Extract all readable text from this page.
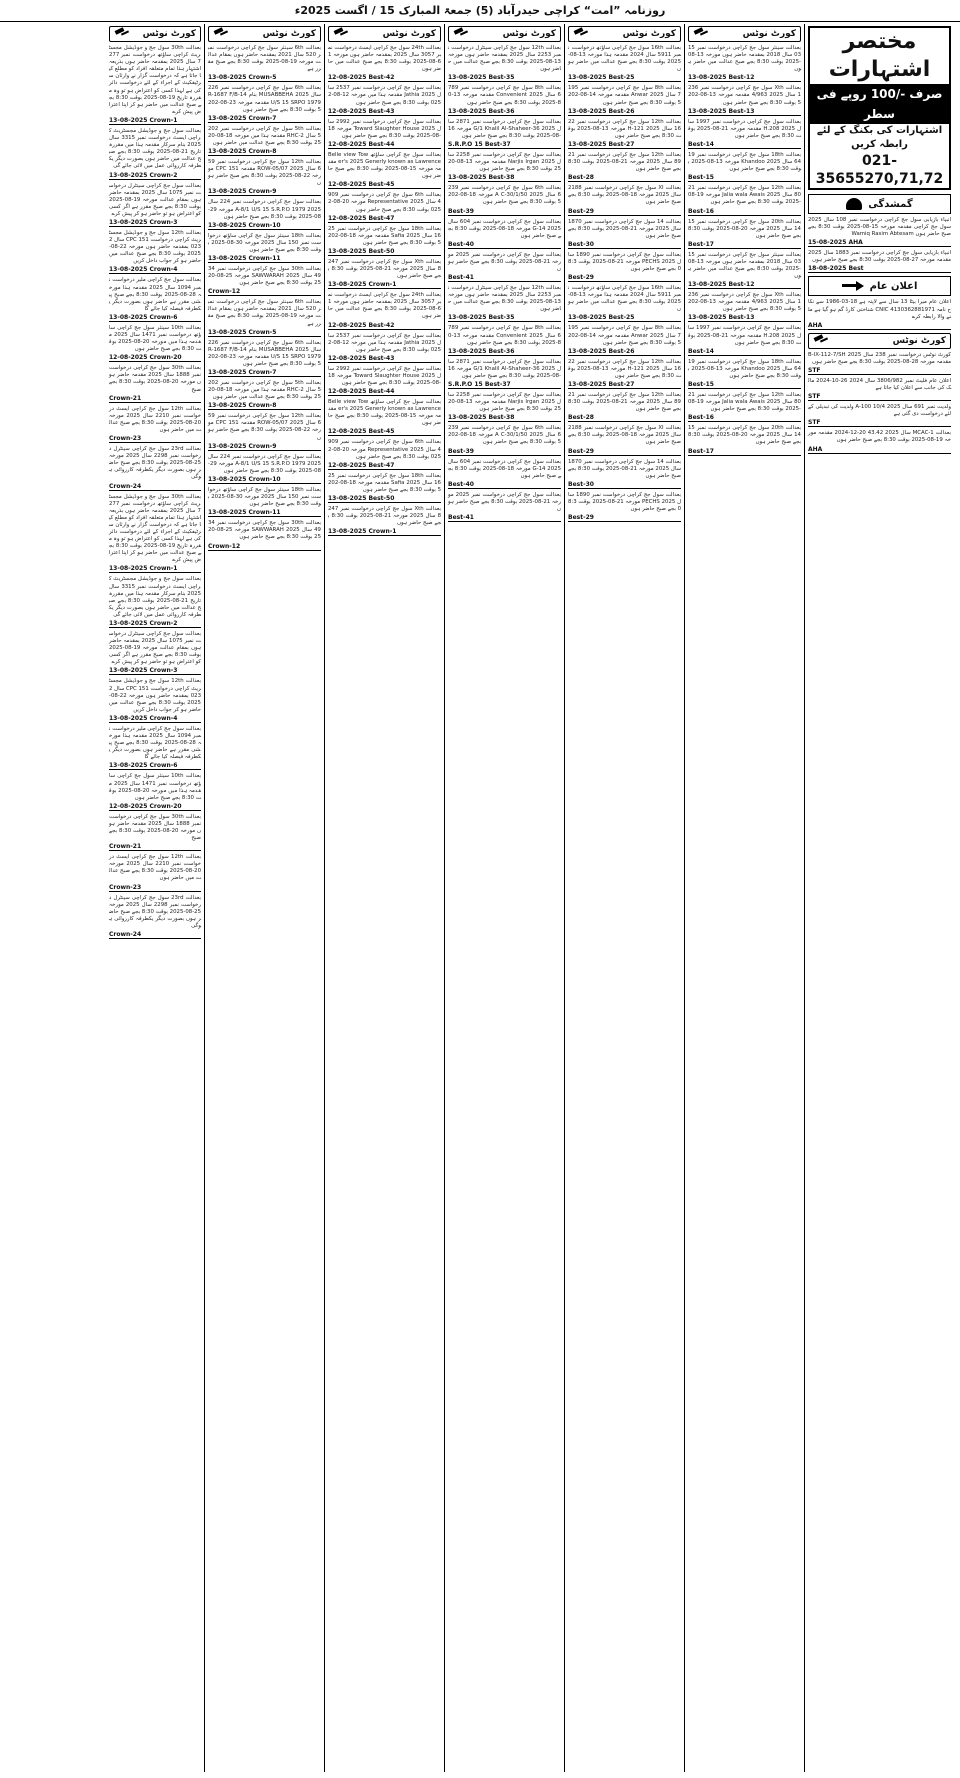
روزنامہ ”امت“ کراچی حیدرآباد (5) جمعۃ المبارک 15 / اگست 2025ء
مختصر اشتہارات
صرف -/100 روپے فی سطر
اشتہارات کی بکنگ کے لئے رابطہ کریں
021-35655270,71,72
گمشدگی
انبیاء بازیابی سول جج کراچی درخواست نمبر 108 سال 2025 سول جج کراچی مقدمہ مورخہ 15-08-2025 بوقت 8:30 بجے صبح حاضر ہوں Wamiq Rasim Abtesam
15-08-2025 AHA
انبیاء بازیابی سول جج کراچی درخواست نمبر 1883 سال 2025 مقدمہ مورخہ 27-08-2025 بوقت 8:30 بجے صبح حاضر ہوں
18-08-2025 Best
اعلان عام
اعلان عام میرا بیٹا 13 سال سے لاپتہ ہے 18-03-1986 سے نکاح نامہ CNIC 4130362881971 شناختی کارڈ گم ہو گیا ہے ملنے والا رابطہ کرے
AHA
کورٹ نوٹس
کورٹ نوٹس درخواست نمبر 238 سال 2025 B-IX-112-7/SH مقدمہ مورخہ 28-08-2025 بوقت 8:30 بجے صبح حاضر ہوں
STF
اعلان عام فلیٹ نمبر 3806/982 سال 2024 26-10-2024 مالک کی جانب سے اعلان کیا جاتا ہے
STF
ولدیت نمبر 691 سال 2025 A-100 10/4 ولدیت کی تبدیلی کے لئے درخواست دی گئی ہے
STF
بعدالت MCAC-1 سال 2025 43.42 20-12-2024 مقدمہ مورخہ 19-08-2025 بوقت 8:30 بجے صبح حاضر ہوں
AHA
کورٹ نوٹس
بعدالت سینئر سول جج کراچی درخواست نمبر 1503 سال 2018 بمقدمہ حاضر ہوں مورخہ 13-08-2025 بوقت 8:30 بجے صبح عدالت میں حاضر ہوں
13-08-2025 Best-12
بعدالت Xth سول جج کراچی درخواست نمبر 2361 سال 2025 4/963 مقدمہ مورخہ 13-08-2025 بوقت 8:30 بجے صبح حاضر ہوں
13-08-2025 Best-13
بعدالت سول جج کراچی درخواست نمبر 1997 سال 2025 H.208 مقدمہ مورخہ 21-08-2025 بوقت 8:30 بجے صبح حاضر ہوں
Best-14
بعدالت 18th سول جج کراچی درخواست نمبر 1964 سال 2025 Khandoo مورخہ 13-08-2025 بوقت 8:30 بجے صبح حاضر ہوں
Best-15
بعدالت 12th سول جج کراچی درخواست نمبر 2180 سال 2025 Jalia wala Awais مورخہ 19-08-2025 بوقت 8:30 بجے صبح حاضر ہوں
Best-16
بعدالت 20th سول جج کراچی درخواست نمبر 1514 سال 2025 مورخہ 20-08-2025 بوقت 8:30 بجے صبح حاضر ہوں
Best-17
بعدالت سینئر سول جج کراچی درخواست نمبر 1503 سال 2018 بمقدمہ حاضر ہوں مورخہ 13-08-2025 بوقت 8:30 بجے صبح عدالت میں حاضر ہوں
13-08-2025 Best-12
بعدالت Xth سول جج کراچی درخواست نمبر 2361 سال 2025 4/963 مقدمہ مورخہ 13-08-2025 بوقت 8:30 بجے صبح حاضر ہوں
13-08-2025 Best-13
بعدالت سول جج کراچی درخواست نمبر 1997 سال 2025 H.208 مقدمہ مورخہ 21-08-2025 بوقت 8:30 بجے صبح حاضر ہوں
Best-14
بعدالت 18th سول جج کراچی درخواست نمبر 1964 سال 2025 Khandoo مورخہ 13-08-2025 بوقت 8:30 بجے صبح حاضر ہوں
Best-15
بعدالت 12th سول جج کراچی درخواست نمبر 2180 سال 2025 Jalia wala Awais مورخہ 19-08-2025 بوقت 8:30 بجے صبح حاضر ہوں
Best-16
بعدالت 20th سول جج کراچی درخواست نمبر 1514 سال 2025 مورخہ 20-08-2025 بوقت 8:30 بجے صبح حاضر ہوں
Best-17
کورٹ نوٹس
بعدالت 16th سول جج کراچی ساؤتھ درخواست نمبر 5911 سال 2024 مقدمہ ہذا مورخہ 13-08-2025 بوقت 8:30 بجے صبح عدالت میں حاضر ہوں
13-08-2025 Best-25
بعدالت 8th سول جج کراچی درخواست نمبر 1957 سال 2025 Anwar مقدمہ مورخہ 14-08-2025 بوقت 8:30 بجے صبح حاضر ہوں
13-08-2025 Best-26
بعدالت 12th سول جج کراچی درخواست نمبر 2216 سال 2025 H-121 مورخہ 13-08-2025 بوقت 8:30 بجے صبح حاضر ہوں
13-08-2025 Best-27
بعدالت 12th سول جج کراچی درخواست نمبر 2189 سال 2025 مورخہ 21-08-2025 بوقت 8:30 بجے صبح حاضر ہوں
Best-28
بعدالت XI سول جج کراچی درخواست نمبر 2188 سال 2025 مورخہ 18-08-2025 بوقت 8:30 بجے صبح حاضر ہوں
Best-29
بعدالت 14 سول جج کراچی درخواست نمبر 1870 سال 2025 مورخہ 21-08-2025 بوقت 8:30 بجے صبح حاضر ہوں
Best-30
بعدالت سول جج کراچی درخواست نمبر 1890 سال 2025 PECHS مورخہ 21-08-2025 بوقت 8:30 بجے صبح حاضر ہوں
Best-29
بعدالت 16th سول جج کراچی ساؤتھ درخواست نمبر 5911 سال 2024 مقدمہ ہذا مورخہ 13-08-2025 بوقت 8:30 بجے صبح عدالت میں حاضر ہوں
13-08-2025 Best-25
بعدالت 8th سول جج کراچی درخواست نمبر 1957 سال 2025 Anwar مقدمہ مورخہ 14-08-2025 بوقت 8:30 بجے صبح حاضر ہوں
13-08-2025 Best-26
بعدالت 12th سول جج کراچی درخواست نمبر 2216 سال 2025 H-121 مورخہ 13-08-2025 بوقت 8:30 بجے صبح حاضر ہوں
13-08-2025 Best-27
بعدالت 12th سول جج کراچی درخواست نمبر 2189 سال 2025 مورخہ 21-08-2025 بوقت 8:30 بجے صبح حاضر ہوں
Best-28
بعدالت XI سول جج کراچی درخواست نمبر 2188 سال 2025 مورخہ 18-08-2025 بوقت 8:30 بجے صبح حاضر ہوں
Best-29
بعدالت 14 سول جج کراچی درخواست نمبر 1870 سال 2025 مورخہ 21-08-2025 بوقت 8:30 بجے صبح حاضر ہوں
Best-30
بعدالت سول جج کراچی درخواست نمبر 1890 سال 2025 PECHS مورخہ 21-08-2025 بوقت 8:30 بجے صبح حاضر ہوں
Best-29
کورٹ نوٹس
بعدالت 12th سول جج کراچی سینٹرل درخواست نمبر 2253 سال 2025 بمقدمہ حاضر ہوں مورخہ 13-08-2025 بوقت 8:30 بجے صبح عدالت میں حاضر ہوں
13-08-2025 Best-35
بعدالت 8th سول جج کراچی درخواست نمبر 7896 سال 2025 Convenient مقدمہ مورخہ 13-08-2025 بوقت 8:30 بجے صبح حاضر ہوں
13-08-2025 Best-36
بعدالت سول جج کراچی درخواست نمبر 2871 سال 2025 36-G/1 Khalil Al-Shaheer مورخہ 16-08-2025 بوقت 8:30 بجے صبح حاضر ہوں
S.R.P.O 15 Best-37
بعدالت سول جج کراچی درخواست نمبر 2258 سال 2025 Narjis Irgan مقدمہ مورخہ 13-08-2025 بوقت 8:30 بجے صبح حاضر ہوں
13-08-2025 Best-38
بعدالت 6th سول جج کراچی درخواست نمبر 2396 سال 2025 50/A C-30/1 مورخہ 18-08-2025 بوقت 8:30 بجے صبح حاضر ہوں
Best-39
بعدالت سول جج کراچی درخواست نمبر 604 سال 2025 14-G مورخہ 18-08-2025 بوقت 8:30 بجے صبح حاضر ہوں
Best-40
بعدالت سول جج کراچی درخواست نمبر 2025 مورخہ 21-08-2025 بوقت 8:30 بجے صبح حاضر ہوں
Best-41
بعدالت 12th سول جج کراچی سینٹرل درخواست نمبر 2253 سال 2025 بمقدمہ حاضر ہوں مورخہ 13-08-2025 بوقت 8:30 بجے صبح عدالت میں حاضر ہوں
13-08-2025 Best-35
بعدالت 8th سول جج کراچی درخواست نمبر 7896 سال 2025 Convenient مقدمہ مورخہ 13-08-2025 بوقت 8:30 بجے صبح حاضر ہوں
13-08-2025 Best-36
بعدالت سول جج کراچی درخواست نمبر 2871 سال 2025 36-G/1 Khalil Al-Shaheer مورخہ 16-08-2025 بوقت 8:30 بجے صبح حاضر ہوں
S.R.P.O 15 Best-37
بعدالت سول جج کراچی درخواست نمبر 2258 سال 2025 Narjis Irgan مقدمہ مورخہ 13-08-2025 بوقت 8:30 بجے صبح حاضر ہوں
13-08-2025 Best-38
بعدالت 6th سول جج کراچی درخواست نمبر 2396 سال 2025 50/A C-30/1 مورخہ 18-08-2025 بوقت 8:30 بجے صبح حاضر ہوں
Best-39
بعدالت سول جج کراچی درخواست نمبر 604 سال 2025 14-G مورخہ 18-08-2025 بوقت 8:30 بجے صبح حاضر ہوں
Best-40
بعدالت سول جج کراچی درخواست نمبر 2025 مورخہ 21-08-2025 بوقت 8:30 بجے صبح حاضر ہوں
Best-41
کورٹ نوٹس
بعدالت 24th سول جج کراچی ایسٹ درخواست نمبر 3057 سال 2025 بمقدمہ حاضر ہوں مورخہ 16-08-2025 بوقت 8:30 بجے صبح عدالت میں حاضر ہوں
12-08-2025 Best-42
بعدالت سول جج کراچی درخواست نمبر 2537 سال 2025 Jathia مقدمہ ہذا میں مورخہ 12-08-2025 بوقت 8:30 بجے صبح حاضر ہوں
12-08-2025 Best-43
بعدالت سول جج کراچی درخواست نمبر 2992 سال 2025 Toward Slaughter House مورخہ 18-08-2025 بوقت 8:30 بجے صبح حاضر ہوں
12-08-2025 Best-44
بعدالت سول جج کراچی ساؤتھ Belle view Tower's 2025 Generly known as Lawrence مقدمہ مورخہ 15-08-2025 بوقت 8:30 بجے صبح حاضر ہوں
12-08-2025 Best-45
بعدالت 6th سول جج کراچی درخواست نمبر 9094 سال 2025 Representative مورخہ 20-08-2025 بوقت 8:30 بجے صبح حاضر ہوں
12-08-2025 Best-47
بعدالت 18th سول جج کراچی درخواست نمبر 2516 سال 2025 Safia مقدمہ مورخہ 18-08-2025 بوقت 8:30 بجے صبح حاضر ہوں
13-08-2025 Best-50
بعدالت Xth سول جج کراچی درخواست نمبر 2478 سال 2025 مورخہ 21-08-2025 بوقت 8:30 بجے صبح حاضر ہوں
13-08-2025 Crown-1
بعدالت 24th سول جج کراچی ایسٹ درخواست نمبر 3057 سال 2025 بمقدمہ حاضر ہوں مورخہ 16-08-2025 بوقت 8:30 بجے صبح عدالت میں حاضر ہوں
12-08-2025 Best-42
بعدالت سول جج کراچی درخواست نمبر 2537 سال 2025 Jathia مقدمہ ہذا میں مورخہ 12-08-2025 بوقت 8:30 بجے صبح حاضر ہوں
12-08-2025 Best-43
بعدالت سول جج کراچی درخواست نمبر 2992 سال 2025 Toward Slaughter House مورخہ 18-08-2025 بوقت 8:30 بجے صبح حاضر ہوں
12-08-2025 Best-44
بعدالت سول جج کراچی ساؤتھ Belle view Tower's 2025 Generly known as Lawrence مقدمہ مورخہ 15-08-2025 بوقت 8:30 بجے صبح حاضر ہوں
12-08-2025 Best-45
بعدالت 6th سول جج کراچی درخواست نمبر 9094 سال 2025 Representative مورخہ 20-08-2025 بوقت 8:30 بجے صبح حاضر ہوں
12-08-2025 Best-47
بعدالت 18th سول جج کراچی درخواست نمبر 2516 سال 2025 Safia مقدمہ مورخہ 18-08-2025 بوقت 8:30 بجے صبح حاضر ہوں
13-08-2025 Best-50
بعدالت Xth سول جج کراچی درخواست نمبر 2478 سال 2025 مورخہ 21-08-2025 بوقت 8:30 بجے صبح حاضر ہوں
13-08-2025 Crown-1
کورٹ نوٹس
بعدالت 6th سینئر سول جج کراچی درخواست نمبر 520 سال 2021 بمقدمہ حاضر ہوں بمقام عدالت مورخہ 19-08-2025 بوقت 8:30 بجے صبح مقرر ہے
13-08-2025 Crown-5
بعدالت 6th سول جج کراچی درخواست نمبر 226 سال 2025 MUSABBEHA بنام R-1687 F/B-14 U/S 15 SRPO 1979 مقدمہ مورخہ 23-08-2025 بوقت 8:30 بجے صبح حاضر ہوں
13-08-2025 Crown-7
بعدالت 5th سول جج کراچی درخواست نمبر 2025 سال RHC-2 مقدمہ ہذا میں مورخہ 18-08-2025 بوقت 8:30 بجے صبح عدالت میں حاضر ہوں
13-08-2025 Crown-8
بعدالت 12th سول جج کراچی درخواست نمبر 596 سال 2025 ROW-05/07 مقدمہ CPC 151 مورخہ 22-08-2025 بوقت 8:30 بجے صبح حاضر ہوں
13-08-2025 Crown-9
بعدالت سول جج کراچی درخواست نمبر 224 سال 2025 A-8/1 U/S 15 S.R.P.O 1979 مورخہ 29-08-2025 بوقت 8:30 بجے صبح حاضر ہوں
13-08-2025 Crown-10
بعدالت 18th سینئر سول جج کراچی ساؤتھ درخواست نمبر 150 سال 2025 مورخہ 30-08-2025 بوقت 8:30 بجے صبح حاضر ہوں
13-08-2025 Crown-11
بعدالت 30th سول جج کراچی درخواست نمبر 3449 سال 2025 SAWWARAH مورخہ 25-08-2025 بوقت 8:30 بجے صبح حاضر ہوں
Crown-12
بعدالت 6th سینئر سول جج کراچی درخواست نمبر 520 سال 2021 بمقدمہ حاضر ہوں بمقام عدالت مورخہ 19-08-2025 بوقت 8:30 بجے صبح مقرر ہے
13-08-2025 Crown-5
بعدالت 6th سول جج کراچی درخواست نمبر 226 سال 2025 MUSABBEHA بنام R-1687 F/B-14 U/S 15 SRPO 1979 مقدمہ مورخہ 23-08-2025 بوقت 8:30 بجے صبح حاضر ہوں
13-08-2025 Crown-7
بعدالت 5th سول جج کراچی درخواست نمبر 2025 سال RHC-2 مقدمہ ہذا میں مورخہ 18-08-2025 بوقت 8:30 بجے صبح عدالت میں حاضر ہوں
13-08-2025 Crown-8
بعدالت 12th سول جج کراچی درخواست نمبر 596 سال 2025 ROW-05/07 مقدمہ CPC 151 مورخہ 22-08-2025 بوقت 8:30 بجے صبح حاضر ہوں
13-08-2025 Crown-9
بعدالت سول جج کراچی درخواست نمبر 224 سال 2025 A-8/1 U/S 15 S.R.P.O 1979 مورخہ 29-08-2025 بوقت 8:30 بجے صبح حاضر ہوں
13-08-2025 Crown-10
بعدالت 18th سینئر سول جج کراچی ساؤتھ درخواست نمبر 150 سال 2025 مورخہ 30-08-2025 بوقت 8:30 بجے صبح حاضر ہوں
13-08-2025 Crown-11
بعدالت 30th سول جج کراچی درخواست نمبر 3449 سال 2025 SAWWARAH مورخہ 25-08-2025 بوقت 8:30 بجے صبح حاضر ہوں
Crown-12
کورٹ نوٹس
بعدالت 30th سول جج و جوڈیشل مجسٹریٹ کراچی ساؤتھ درخواست نمبر 2777 سال 2025 بمقدمہ حاضر ہوں بذریعہ اشتہار ہذا تمام متعلقہ افراد کو مطلع کیا جاتا ہے کہ درخواست گزار نے وارثان سرٹیفکیٹ کے اجراء کے لئے درخواست دائر کی ہے لہذا کسی کو اعتراض ہو تو وہ مقررہ تاریخ 19-08-2025 بوقت 8:30 بجے صبح عدالت میں حاضر ہو کر اپنا اعتراض پیش کرے
13-08-2025 Crown-1
بعدالت سول جج و جوڈیشل مجسٹریٹ کراچی ایسٹ درخواست نمبر 3315 سال 2025 بنام سرکار مقدمہ ہذا میں مقررہ تاریخ 21-08-2025 بوقت 8:30 بجے صبح عدالت میں حاضر ہوں بصورت دیگر یکطرفہ کارروائی عمل میں لائی جائے گی
13-08-2025 Crown-2
بعدالت سول جج کراچی سینٹرل درخواست نمبر 1075 سال 2025 بمقدمہ حاضر ہوں بمقام عدالت مورخہ 19-08-2025 بوقت 8:30 بجے صبح مقرر ہے اگر کسی کو اعتراض ہو تو حاضر ہو کر پیش کرے
13-08-2025 Crown-3
بعدالت 12th سول جج و جوڈیشل مجسٹریٹ کراچی درخواست CPC 151 سال 2023 بمقدمہ حاضر ہوں مورخہ 22-08-2025 بوقت 8:30 بجے صبح عدالت میں حاضر ہو کر جواب داخل کریں
13-08-2025 Crown-4
بعدالت سول جج کراچی ملیر درخواست نمبر 1094 سال 2025 مقدمہ ہذا مورخہ 28-08-2025 بوقت 8:30 بجے صبح پیشی مقرر ہے حاضر ہوں بصورت دیگر یکطرفہ فیصلہ کیا جائے گا
13-08-2025 Crown-6
بعدالت 10th سینئر سول جج کراچی ساؤتھ درخواست نمبر 1471 سال 2025 مقدمہ ہذا میں مورخہ 20-08-2025 بوقت 8:30 بجے صبح حاضر ہوں
12-08-2025 Crown-20
بعدالت 30th سول جج کراچی درخواست نمبر 1888 سال 2025 مقدمہ حاضر ہوں مورخہ 20-08-2025 بوقت 8:30 بجے صبح
Crown-21
بعدالت 12th سول جج کراچی ایسٹ درخواست نمبر 2210 سال 2025 مورخہ 20-08-2025 بوقت 8:30 بجے صبح عدالت میں حاضر ہوں
Crown-23
بعدالت 23rd سول جج کراچی سینٹرل درخواست نمبر 2298 سال 2025 مورخہ 25-08-2025 بوقت 8:30 بجے صبح حاضر ہوں بصورت دیگر یکطرفہ کارروائی ہوگی
Crown-24
بعدالت 30th سول جج و جوڈیشل مجسٹریٹ کراچی ساؤتھ درخواست نمبر 2777 سال 2025 بمقدمہ حاضر ہوں بذریعہ اشتہار ہذا تمام متعلقہ افراد کو مطلع کیا جاتا ہے کہ درخواست گزار نے وارثان سرٹیفکیٹ کے اجراء کے لئے درخواست دائر کی ہے لہذا کسی کو اعتراض ہو تو وہ مقررہ تاریخ 19-08-2025 بوقت 8:30 بجے صبح عدالت میں حاضر ہو کر اپنا اعتراض پیش کرے
13-08-2025 Crown-1
بعدالت سول جج و جوڈیشل مجسٹریٹ کراچی ایسٹ درخواست نمبر 3315 سال 2025 بنام سرکار مقدمہ ہذا میں مقررہ تاریخ 21-08-2025 بوقت 8:30 بجے صبح عدالت میں حاضر ہوں بصورت دیگر یکطرفہ کارروائی عمل میں لائی جائے گی
13-08-2025 Crown-2
بعدالت سول جج کراچی سینٹرل درخواست نمبر 1075 سال 2025 بمقدمہ حاضر ہوں بمقام عدالت مورخہ 19-08-2025 بوقت 8:30 بجے صبح مقرر ہے اگر کسی کو اعتراض ہو تو حاضر ہو کر پیش کرے
13-08-2025 Crown-3
بعدالت 12th سول جج و جوڈیشل مجسٹریٹ کراچی درخواست CPC 151 سال 2023 بمقدمہ حاضر ہوں مورخہ 22-08-2025 بوقت 8:30 بجے صبح عدالت میں حاضر ہو کر جواب داخل کریں
13-08-2025 Crown-4
بعدالت سول جج کراچی ملیر درخواست نمبر 1094 سال 2025 مقدمہ ہذا مورخہ 28-08-2025 بوقت 8:30 بجے صبح پیشی مقرر ہے حاضر ہوں بصورت دیگر یکطرفہ فیصلہ کیا جائے گا
13-08-2025 Crown-6
بعدالت 10th سینئر سول جج کراچی ساؤتھ درخواست نمبر 1471 سال 2025 مقدمہ ہذا میں مورخہ 20-08-2025 بوقت 8:30 بجے صبح حاضر ہوں
12-08-2025 Crown-20
بعدالت 30th سول جج کراچی درخواست نمبر 1888 سال 2025 مقدمہ حاضر ہوں مورخہ 20-08-2025 بوقت 8:30 بجے صبح
Crown-21
بعدالت 12th سول جج کراچی ایسٹ درخواست نمبر 2210 سال 2025 مورخہ 20-08-2025 بوقت 8:30 بجے صبح عدالت میں حاضر ہوں
Crown-23
بعدالت 23rd سول جج کراچی سینٹرل درخواست نمبر 2298 سال 2025 مورخہ 25-08-2025 بوقت 8:30 بجے صبح حاضر ہوں بصورت دیگر یکطرفہ کارروائی ہوگی
Crown-24
